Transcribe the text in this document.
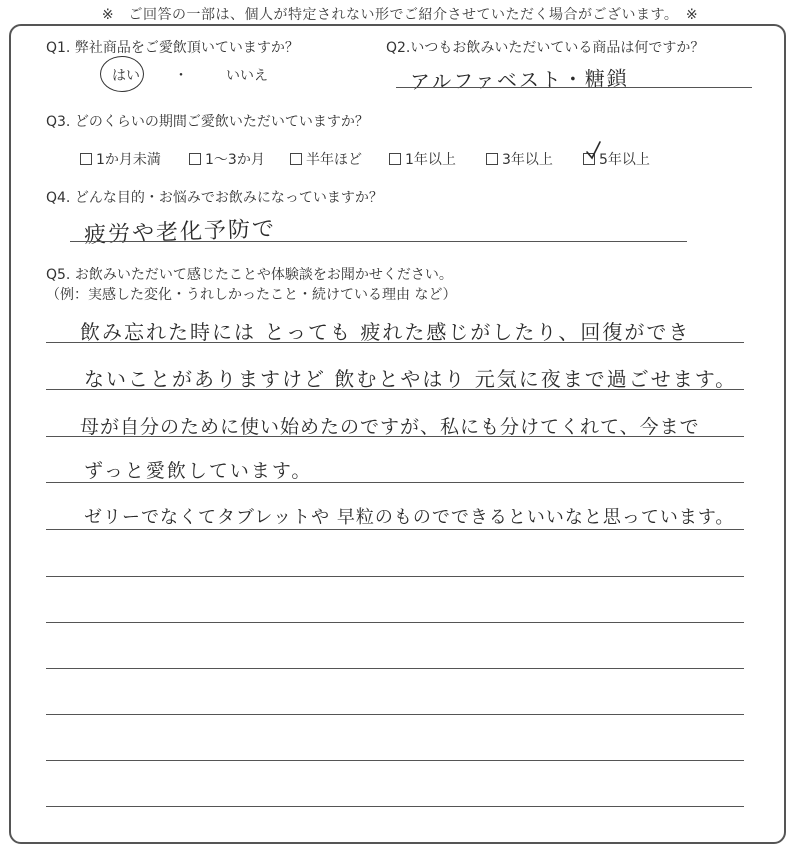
※　ご回答の一部は、個人が特定されない形でご紹介させていただく場合がございます。　※
Q1. 弊社商品をご愛飲頂いていますか？
はい ・	いいえ
Q2.いつもお飲みいただいている商品は何ですか？
アルファベスト・糖鎖
Q3. どのくらいの期間ご愛飲いただいていますか？
1か月未満	1～3か月	半年ほど	1年以上	3年以上	5年以上
Q4. どんな目的・お悩みでお飲みになっていますか？
疲労や老化予防で
Q5. お飲みいただいて感じたことや体験談をお聞かせください。
（例：実感した変化・うれしかったこと・続けている理由 など）
飲み忘れた時には とっても 疲れた感じがしたり、回復ができ
ないことがありますけど 飲むとやはり 元気に夜まで過ごせます。
母が自分のために使い始めたのですが、私にも分けてくれて、今まで
ずっと愛飲しています。
ゼリーでなくてタブレットや 早粒のものでできるといいなと思っています。
